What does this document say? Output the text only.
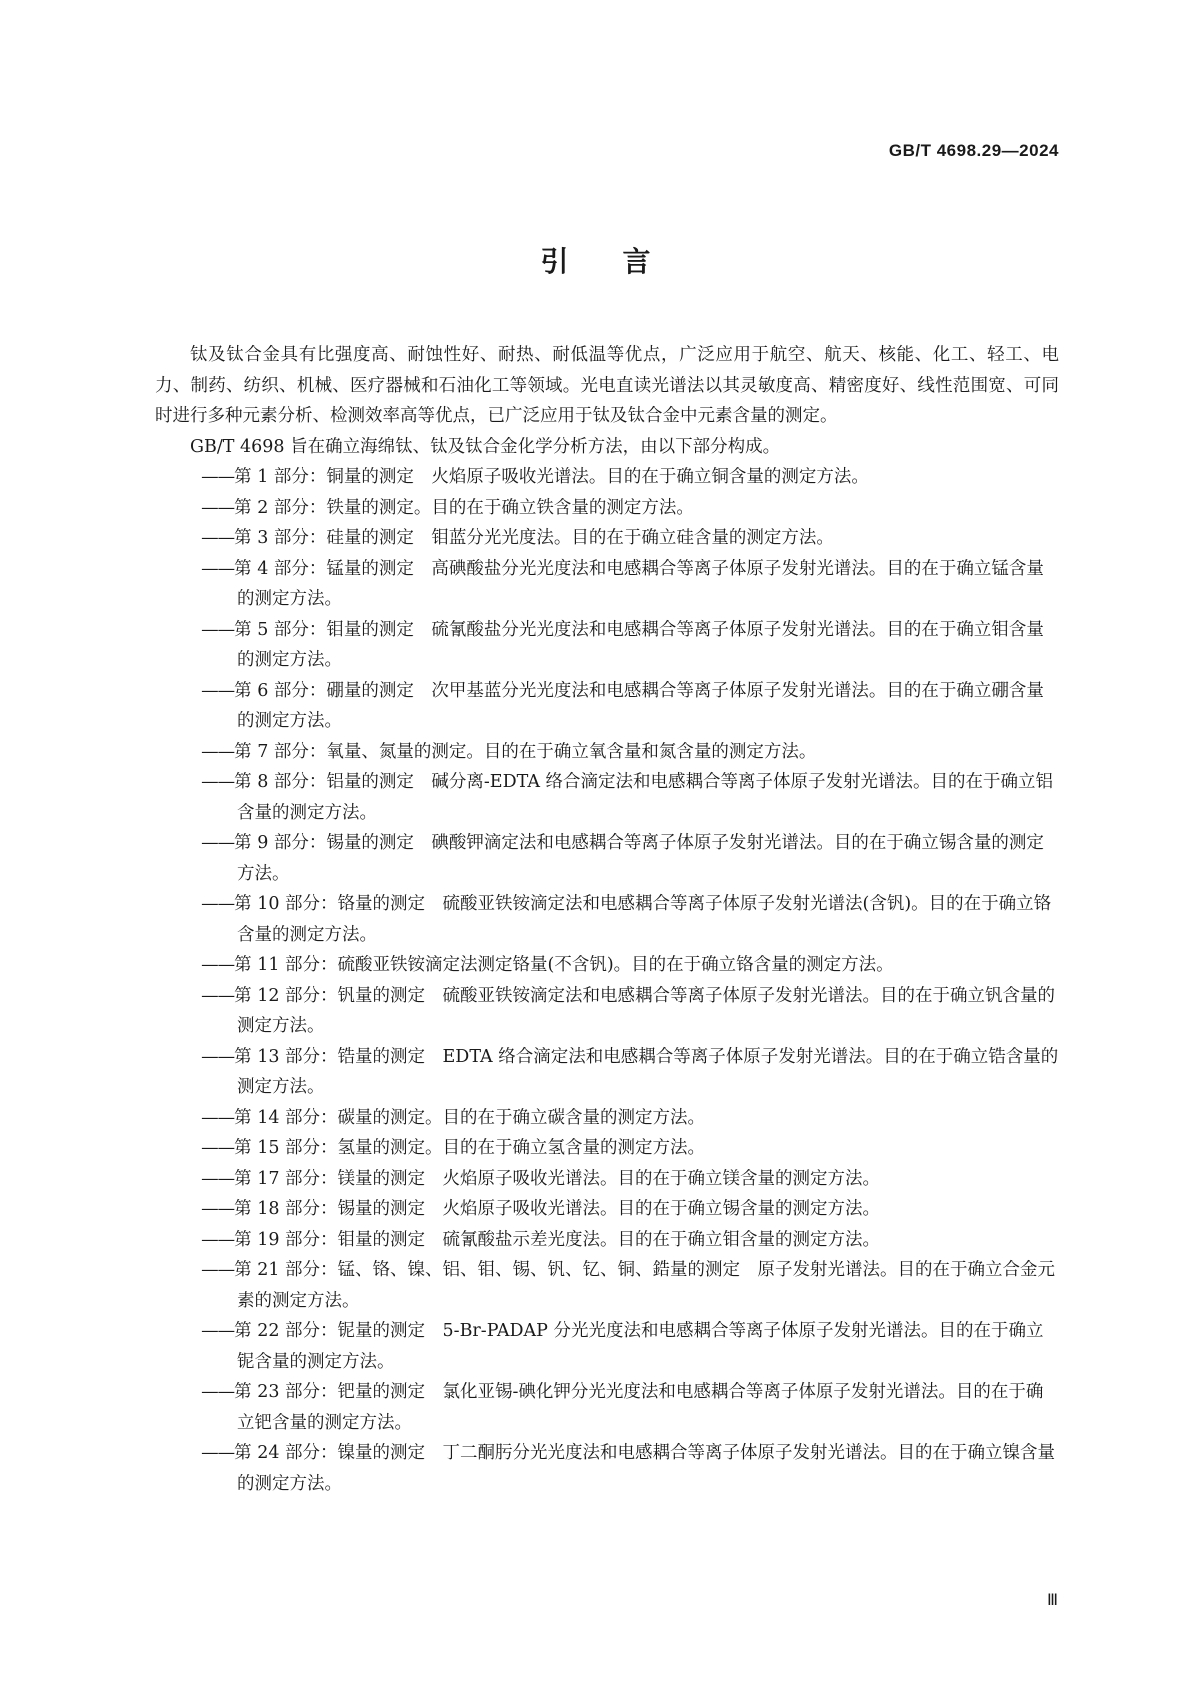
GB/T 4698.29—2024
引言

钛及钛合金具有比强度高、耐蚀性好、耐热、耐低温等优点，广泛应用于航空、航天、核能、化工、轻工、电力、制药、纺织、机械、医疗器械和石油化工等领域。光电直读光谱法以其灵敏度高、精密度好、线性范围宽、可同时进行多种元素分析、检测效率高等优点，已广泛应用于钛及钛合金中元素含量的测定。

GB/T 4698 旨在确立海绵钛、钛及钛合金化学分析方法，由以下部分构成。

——第 1 部分：铜量的测定　火焰原子吸收光谱法。目的在于确立铜含量的测定方法。
——第 2 部分：铁量的测定。目的在于确立铁含量的测定方法。
——第 3 部分：硅量的测定　钼蓝分光光度法。目的在于确立硅含量的测定方法。
——第 4 部分：锰量的测定　高碘酸盐分光光度法和电感耦合等离子体原子发射光谱法。目的在于确立锰含量的测定方法。
——第 5 部分：钼量的测定　硫氰酸盐分光光度法和电感耦合等离子体原子发射光谱法。目的在于确立钼含量的测定方法。
——第 6 部分：硼量的测定　次甲基蓝分光光度法和电感耦合等离子体原子发射光谱法。目的在于确立硼含量的测定方法。
——第 7 部分：氧量、氮量的测定。目的在于确立氧含量和氮含量的测定方法。
——第 8 部分：铝量的测定　碱分离-EDTA 络合滴定法和电感耦合等离子体原子发射光谱法。目的在于确立铝含量的测定方法。
——第 9 部分：锡量的测定　碘酸钾滴定法和电感耦合等离子体原子发射光谱法。目的在于确立锡含量的测定方法。
——第 10 部分：铬量的测定　硫酸亚铁铵滴定法和电感耦合等离子体原子发射光谱法(含钒)。目的在于确立铬含量的测定方法。
——第 11 部分：硫酸亚铁铵滴定法测定铬量(不含钒)。目的在于确立铬含量的测定方法。
——第 12 部分：钒量的测定　硫酸亚铁铵滴定法和电感耦合等离子体原子发射光谱法。目的在于确立钒含量的测定方法。
——第 13 部分：锆量的测定　EDTA 络合滴定法和电感耦合等离子体原子发射光谱法。目的在于确立锆含量的测定方法。
——第 14 部分：碳量的测定。目的在于确立碳含量的测定方法。
——第 15 部分：氢量的测定。目的在于确立氢含量的测定方法。
——第 17 部分：镁量的测定　火焰原子吸收光谱法。目的在于确立镁含量的测定方法。
——第 18 部分：锡量的测定　火焰原子吸收光谱法。目的在于确立锡含量的测定方法。
——第 19 部分：钼量的测定　硫氰酸盐示差光度法。目的在于确立钼含量的测定方法。
——第 21 部分：锰、铬、镍、铝、钼、锡、钒、钇、铜、鋯量的测定　原子发射光谱法。目的在于确立合金元素的测定方法。
——第 22 部分：铌量的测定　5-Br-PADAP 分光光度法和电感耦合等离子体原子发射光谱法。目的在于确立铌含量的测定方法。
——第 23 部分：钯量的测定　氯化亚锡-碘化钾分光光度法和电感耦合等离子体原子发射光谱法。目的在于确立钯含量的测定方法。
——第 24 部分：镍量的测定　丁二酮肟分光光度法和电感耦合等离子体原子发射光谱法。目的在于确立镍含量的测定方法。
Ⅲ
